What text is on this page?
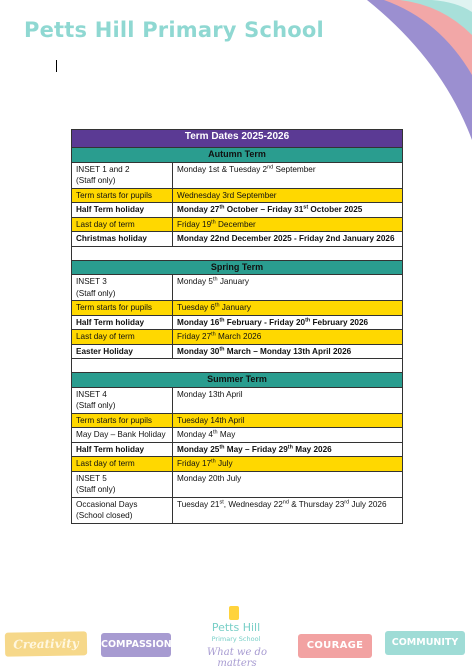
Petts Hill Primary School
Term Dates 2025-2026	
Autumn Term	
INSET 1 and 2
(Staff only)	Monday 1st & Tuesday 2nd September
Term starts for pupils	Wednesday 3rd September
Half Term holiday	Monday 27th October – Friday 31st October 2025
Last day of term	Friday 19th December
Christmas holiday	Monday 22nd December 2025 - Friday 2nd January 2026

Spring Term	
INSET 3
(Staff only)	Monday 5th January
Term starts for pupils	Tuesday 6th January
Half Term holiday	Monday 16th February - Friday 20th February 2026
Last day of term	Friday 27th March 2026
Easter Holiday	Monday 30th March – Monday 13th April 2026

Summer Term	
INSET 4
(Staff only)	Monday 13th April
Term starts for pupils	Tuesday 14th April
May Day – Bank Holiday	Monday 4th May
Half Term holiday	Monday 25th May – Friday 29th May 2026
Last day of term	Friday 17th July
INSET 5
(Staff only)	Monday 20th July
Occasional Days
(School closed)	Tuesday 21st, Wednesday 22nd & Thursday 23rd July 2026
Creativity	COMPASSION
Petts Hill
Primary School
What we do matters
COURAGE	COMMUNITY
